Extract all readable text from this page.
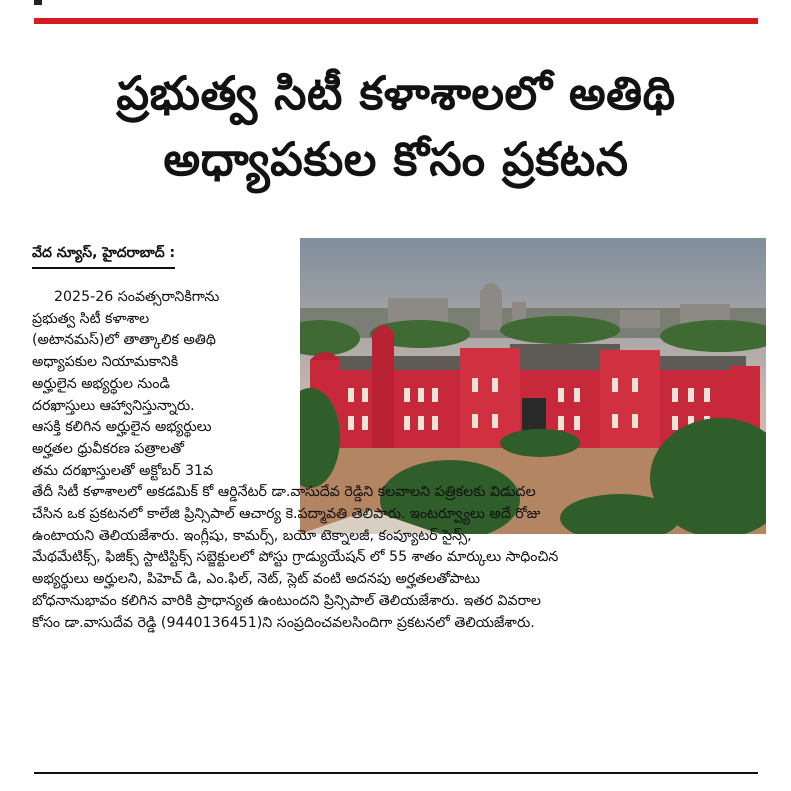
ప్రభుత్వ సిటీ కళాశాలలో అతిథి
అధ్యాపకుల కోసం ప్రకటన
వేద న్యూస్, హైదరాబాద్ :
2025-26 సంవత్సరానికిగాను
ప్రభుత్వ సిటీ కళాశాల
(అటానమస్)లో తాత్కాలిక అతిథి
అధ్యాపకుల నియామకానికి
అర్హులైన అభ్యర్థుల నుండి
దరఖాస్తులు ఆహ్వానిస్తున్నారు.
ఆసక్తి కలిగిన అర్హులైన అభ్యర్థులు
అర్హతల ధ్రువీకరణ పత్రాలతో
తమ దరఖాస్తులతో అక్టోబర్ 31వ
తేదీ సిటీ కళాశాలలో అకడమిక్ కో ఆర్డినేటర్ డా.వాసుదేవ రెడ్డిని కలవాలని పత్రికలకు విడుదల
చేసిన ఒక ప్రకటనలో కాలేజి ప్రిన్సిపాల్ ఆచార్య కె.పద్మావతి తెలిపారు. ఇంటర్వ్యూలు అదే రోజు
ఉంటాయని తెలియజేశారు. ఇంగ్లీషు, కామర్స్, బయో టెక్నాలజీ, కంప్యూటర్ సైన్స్,
మేథమేటిక్స్, ఫిజిక్స్ స్టాటిస్టిక్స్ సబ్జెక్టులలో పోస్టు గ్రాడ్యుయేషన్ లో 55 శాతం మార్కులు సాధించిన
అభ్యర్థులు అర్హులని, పిహెచ్ డి, ఎం.ఫిల్, నెట్, స్లెట్ వంటి అదనపు అర్హతలతోపాటు
బోధనానుభావం కలిగిన వారికి ప్రాధాన్యత ఉంటుందని ప్రిన్సిపాల్ తెలియజేశారు. ఇతర వివరాల
కోసం డా.వాసుదేవ రెడ్డి (9440136451)ని సంప్రదించవలసిందిగా ప్రకటనలో తెలియజేశారు.
